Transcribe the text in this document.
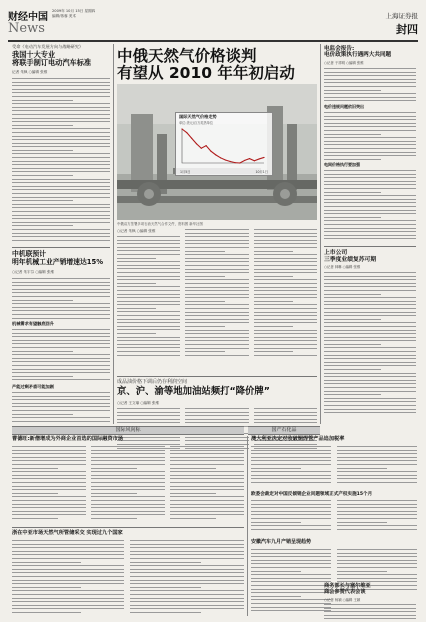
财经中国
2009年 10月 15日 星期四
编辑/蒋蓉 美术
News
上海证券报
封四
受命《电动汽车发展方向与战略研究》
我国十大专业
将联手制订电动汽车标准
记者 朱枫 ○编辑 张维
中机联预计
明年机械工业产销增速达15%
○记者 朱宇芬 ○编辑 张维
机械需求有望触底回升
产能过剩矛盾可能加剧
中俄天然气价格谈判
有望从 2010 年年初启动
国际天然气价格走势
单位:美元/百万英热单位
1月5日	10月1日
中俄双方签署多项石油天然气合作文件，资料图 新华社图
○记者 朱枫 ○编辑 张维
成品油价格下调后仍存利润空间
京、沪、渝等地加油站频打“降价牌”
○记者 王文瑜 ○编辑 张维
电监会报告:
电价政策执行遇两大共同题
○记者 于祥明 ○编辑 张维
电价违规问题依旧突出
电网价格执行要加强
上市公司
三季度业绩复苏可期
○记者 林琳 ○编辑 张维
国际风向标	国产石化品
曹德旺:新僧增成为外商企业首选的国际融资市场
浙在中亚市场天然气所管储采交 实现过九个国家
澳大利亚决定对收破铜焊管产品追加税率
欧委会裁定对中国反倾销企业问题领域正式产权实施15个月
安徽汽车九月产销呈现趋势
商务部长与塞尔维亚
商会参赞代表会谈
○记者 杨颖 ○编辑 王颖
